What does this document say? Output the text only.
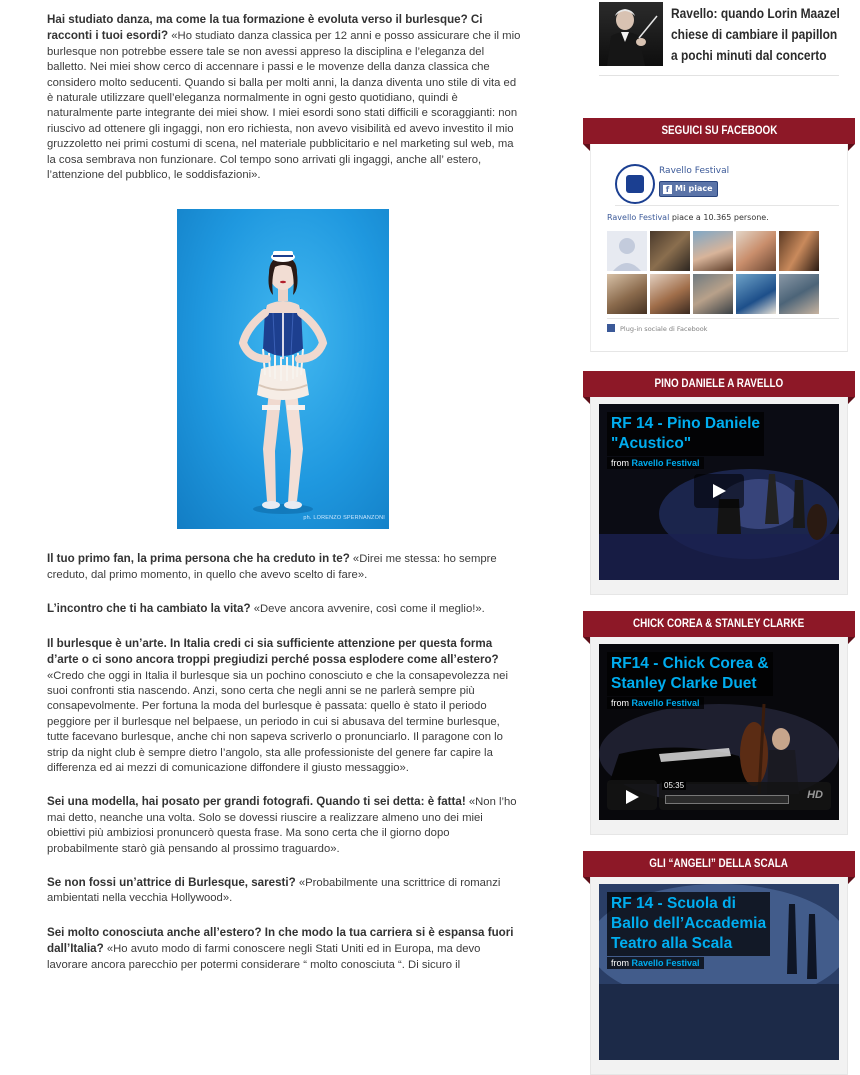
Hai studiato danza, ma come la tua formazione è evoluta verso il burlesque? Ci racconti i tuoi esordi? «Ho studiato danza classica per 12 anni e posso assicurare che il mio burlesque non potrebbe essere tale se non avessi appreso la disciplina e l’eleganza del balletto. Nei miei show cerco di accennare i passi e le movenze della danza classica che considero molto seducenti. Quando si balla per molti anni, la danza diventa uno stile di vita ed è naturale utilizzare quell’eleganza normalmente in ogni gesto quotidiano, quindi è naturalmente parte integrante dei miei show. I miei esordi sono stati difficili e scoraggianti: non riuscivo ad ottenere gli ingaggi, non ero richiesta, non avevo visibilità ed avevo investito il mio gruzzoletto nei primi costumi di scena, nel materiale pubblicitario e nel marketing sul web, ma la cosa sembrava non funzionare. Col tempo sono arrivati gli ingaggi, anche all’ estero, l’attenzione del pubblico, le soddisfazioni».

ph. LORENZO SPERNANZONI

Il tuo primo fan, la prima persona che ha creduto in te? «Direi me stessa: ho sempre creduto, dal primo momento, in quello che avevo scelto di fare».

L’incontro che ti ha cambiato la vita? «Deve ancora avvenire, così come il meglio!».

Il burlesque è un’arte. In Italia credi ci sia sufficiente attenzione per questa forma d’arte o ci sono ancora troppi pregiudizi perché possa esplodere come all’estero? «Credo che oggi in Italia il burlesque sia un pochino conosciuto e che la consapevolezza nei suoi confronti stia nascendo. Anzi, sono certa che negli anni se ne parlerà sempre più consapevolmente. Per fortuna la moda del burlesque è passata: quello è stato il periodo peggiore per il burlesque nel belpaese, un periodo in cui si abusava del termine burlesque, tutte facevano burlesque, anche chi non sapeva scriverlo o pronunciarlo. Il paragone con lo strip da night club è sempre dietro l’angolo, sta alle professioniste del genere far capire la differenza ed ai mezzi di comunicazione diffondere il giusto messaggio».

Sei una modella, hai posato per grandi fotografi. Quando ti sei detta: è fatta! «Non l’ho mai detto, neanche una volta. Solo se dovessi riuscire a realizzare almeno uno dei miei obiettivi più ambiziosi pronuncerò questa frase. Ma sono certa che il giorno dopo probabilmente starò già pensando al prossimo traguardo».

Se non fossi un’attrice di Burlesque, saresti? «Probabilmente una scrittrice di romanzi ambientati nella vecchia Hollywood».

Sei molto conosciuta anche all’estero? In che modo la tua carriera si è espansa fuori dall’Italia? «Ho avuto modo di farmi conoscere negli Stati Uniti ed in Europa, ma devo lavorare ancora parecchio per potermi considerare “ molto conosciuta “. Di sicuro il

Ravello: quando Lorin Maazel chiese di cambiare il papillon a pochi minuti dal concerto
SEGUICI SU FACEBOOK
Ravello Festival
f Mi piace
Ravello Festival piace a 10.365 persone.
Plug-in sociale di Facebook
PINO DANIELE A RAVELLO
RF 14 - Pino Daniele
"Acustico"
from Ravello Festival
CHICK COREA & STANLEY CLARKE
RF14 - Chick Corea &
Stanley Clarke Duet
from Ravello Festival
05:35
HD
GLI “ANGELI” DELLA SCALA
RF 14 - Scuola di
Ballo dell’Accademia
Teatro alla Scala
from Ravello Festival
